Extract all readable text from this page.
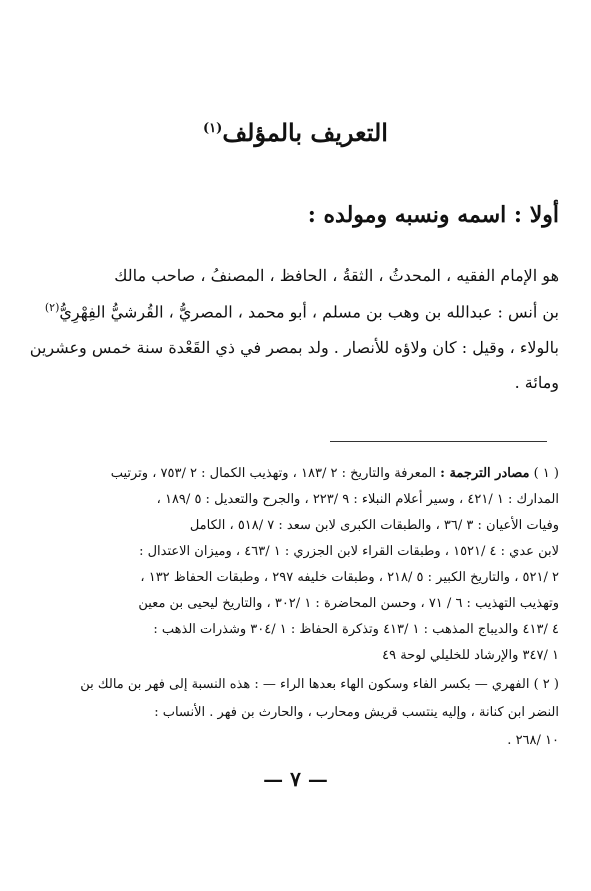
التعريف بالمؤلف$^{(١)}$
أولا : اسمه ونسبه ومولده :
هو الإمام الفقيه ، المحدثُ ، الثقةُ ، الحافظ ، المصنفُ ، صاحب مالك
بن أنس : عبدالله بن وهب بن مسلم ، أبو محمد ، المصريُّ ، القُرشيُّ الفِهْرِيُّ$^{(٢)}$
بالولاء ، وقيل : كان ولاؤه للأنصار . ولد بمصر في ذي القَعْدة سنة خمس وعشرين
ومائة .
( ١ ) مصادر الترجمة : المعرفة والتاريخ : ٢ /١٨٣ ، وتهذيب الكمال : ٢ /٧٥٣ ، وترتيب
المدارك : ١ /٤٢١ ، وسير أعلام النبلاء : ٩ /٢٢٣ ، والجرح والتعديل : ٥ /١٨٩ ،
وفيات الأعيان : ٣ /٣٦ ، والطبقات الكبرى لابن سعد : ٧ /٥١٨ ، الكامل
لابن عدي : ٤ /١٥٢١ ، وطبقات القراء لابن الجزري : ١ /٤٦٣ ، وميزان الاعتدال :
٢ /٥٢١ ، والتاريخ الكبير : ٥ /٢١٨ ، وطبقات خليفه ٢٩٧ ، وطبقات الحفاظ ١٣٢ ،
وتهذيب التهذيب : ٦ / ٧١ ، وحسن المحاضرة : ١ /٣٠٢ ، والتاريخ ليحيى بن معين
٤ /٤١٣ والديباج المذهب : ١ /٤١٣ وتذكرة الحفاظ : ١ /٣٠٤ وشذرات الذهب :
١ /٣٤٧ والإرشاد للخليلي لوحة ٤٩
( ٢ ) الفهري — بكسر الفاء وسكون الهاء بعدها الراء — : هذه النسبة إلى فهر بن مالك بن
النضر ابن كنانة ، وإليه ينتسب قريش ومحارب ، والحارث بن فهر . الأنساب :
١٠ /٢٦٨ .
— ٧ —
